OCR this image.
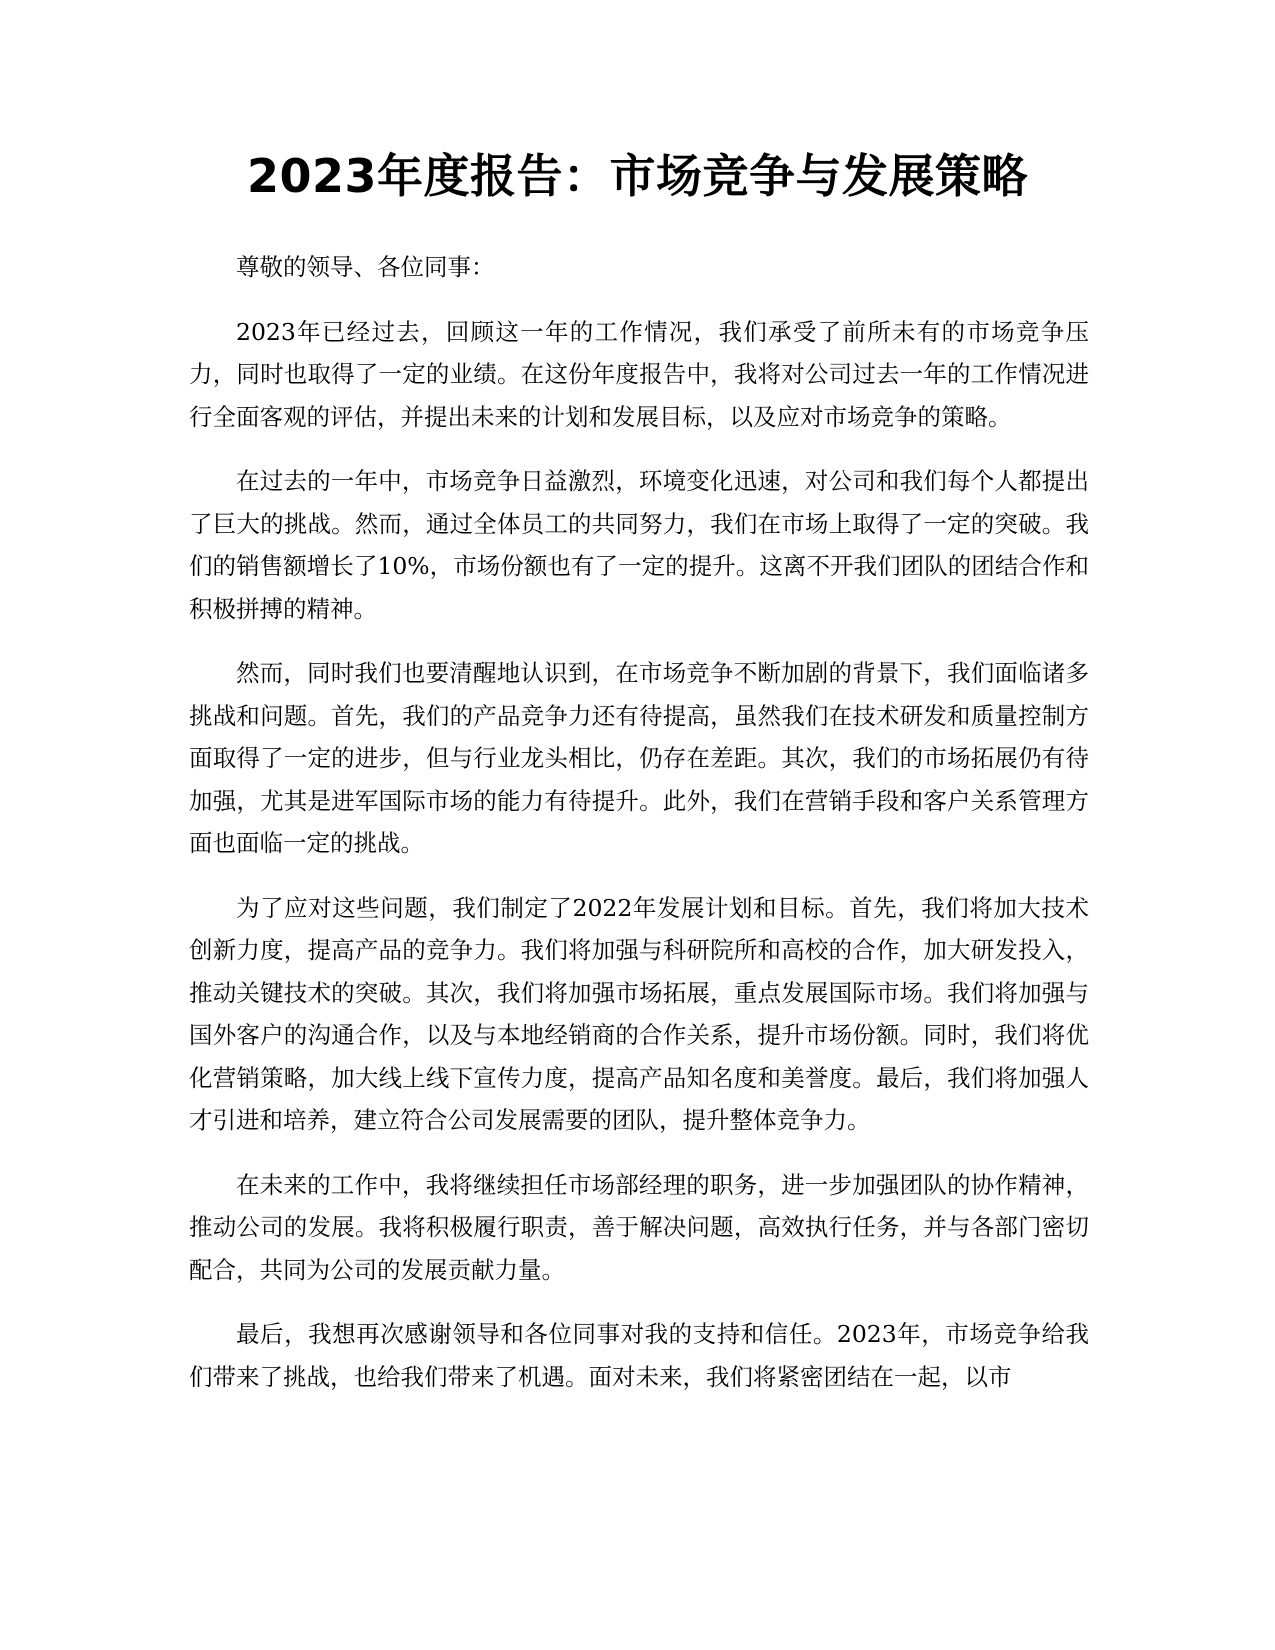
2023年度报告：市场竞争与发展策略

尊敬的领导、各位同事：

2023年已经过去，回顾这一年的工作情况，我们承受了前所未有的市场竞争压力，同时也取得了一定的业绩。在这份年度报告中，我将对公司过去一年的工作情况进行全面客观的评估，并提出未来的计划和发展目标，以及应对市场竞争的策略。

在过去的一年中，市场竞争日益激烈，环境变化迅速，对公司和我们每个人都提出了巨大的挑战。然而，通过全体员工的共同努力，我们在市场上取得了一定的突破。我们的销售额增长了10%，市场份额也有了一定的提升。这离不开我们团队的团结合作和积极拼搏的精神。

然而，同时我们也要清醒地认识到，在市场竞争不断加剧的背景下，我们面临诸多挑战和问题。首先，我们的产品竞争力还有待提高，虽然我们在技术研发和质量控制方面取得了一定的进步，但与行业龙头相比，仍存在差距。其次，我们的市场拓展仍有待加强，尤其是进军国际市场的能力有待提升。此外，我们在营销手段和客户关系管理方面也面临一定的挑战。

为了应对这些问题，我们制定了2022年发展计划和目标。首先，我们将加大技术创新力度，提高产品的竞争力。我们将加强与科研院所和高校的合作，加大研发投入，推动关键技术的突破。其次，我们将加强市场拓展，重点发展国际市场。我们将加强与国外客户的沟通合作，以及与本地经销商的合作关系，提升市场份额。同时，我们将优化营销策略，加大线上线下宣传力度，提高产品知名度和美誉度。最后，我们将加强人才引进和培养，建立符合公司发展需要的团队，提升整体竞争力。

在未来的工作中，我将继续担任市场部经理的职务，进一步加强团队的协作精神，推动公司的发展。我将积极履行职责，善于解决问题，高效执行任务，并与各部门密切配合，共同为公司的发展贡献力量。

最后，我想再次感谢领导和各位同事对我的支持和信任。2023年，市场竞争给我们带来了挑战，也给我们带来了机遇。面对未来，我们将紧密团结在一起，以市
